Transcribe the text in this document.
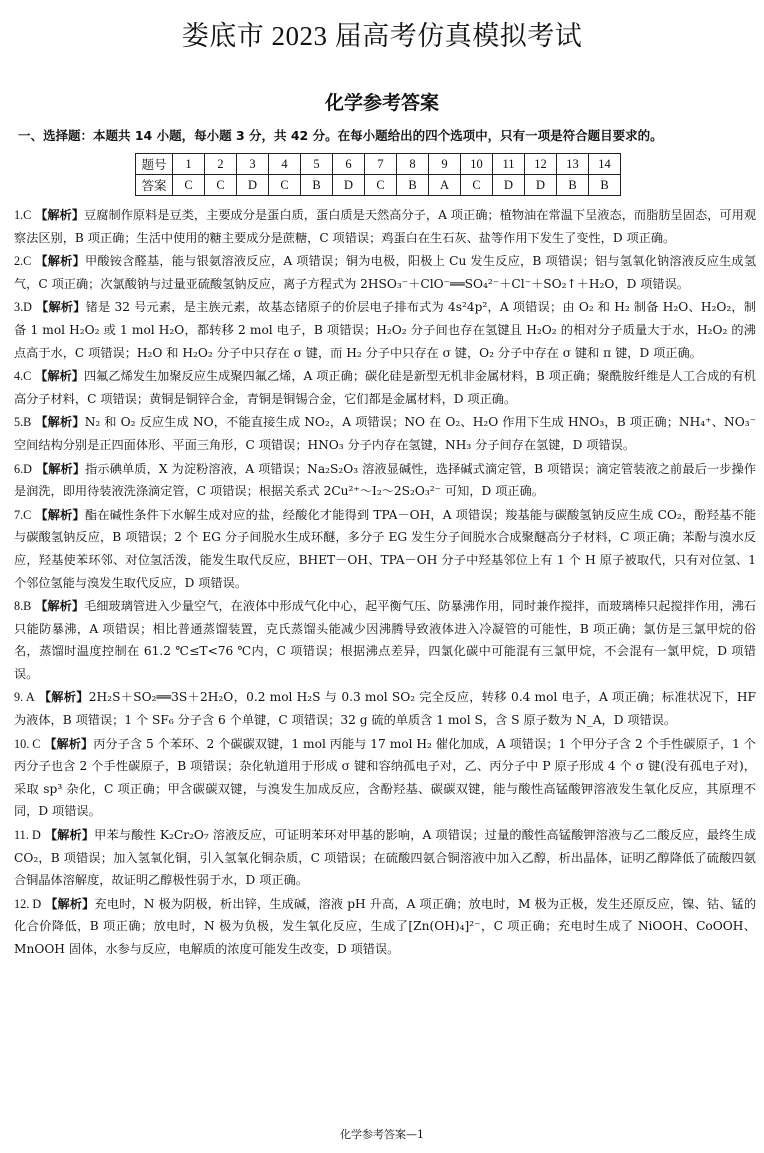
娄底市 2023 届高考仿真模拟考试
化学参考答案
一、选择题：本题共 14 小题，每小题 3 分，共 42 分。在每小题给出的四个选项中，只有一项是符合题目要求的。
题号	1	2	3	4	5	6	7	8	9	10	11	12	13	14
答案	C	C	D	C	B	D	C	B	A	C	D	D	B	B
1.C 【解析】豆腐制作原料是豆类，主要成分是蛋白质，蛋白质是天然高分子，A 项正确；植物油在常温下呈液态，而脂肪呈固态，可用观察法区别，B 项正确；生活中使用的糖主要成分是蔗糖，C 项错误；鸡蛋白在生石灰、盐等作用下发生了变性，D 项正确。
2.C 【解析】甲酸铵含醛基，能与银氨溶液反应，A 项错误；铜为电极，阳极上 Cu 发生反应，B 项错误；铝与氢氧化钠溶液反应生成氢气，C 项正确；次氯酸钠与过量亚硫酸氢钠反应，离子方程式为 2HSO₃⁻＋ClO⁻══SO₄²⁻＋Cl⁻＋SO₂↑＋H₂O，D 项错误。
3.D 【解析】锗是 32 号元素，是主族元素，故基态锗原子的价层电子排布式为 4s²4p²，A 项错误；由 O₂ 和 H₂ 制备 H₂O、H₂O₂，制备 1 mol H₂O₂ 或 1 mol H₂O，都转移 2 mol 电子，B 项错误；H₂O₂ 分子间也存在氢键且 H₂O₂ 的相对分子质量大于水，H₂O₂ 的沸点高于水，C 项错误；H₂O 和 H₂O₂ 分子中只存在 σ 键，而 H₂ 分子中只存在 σ 键，O₂ 分子中存在 σ 键和 π 键，D 项正确。
4.C 【解析】四氟乙烯发生加聚反应生成聚四氟乙烯，A 项正确；碳化硅是新型无机非金属材料，B 项正确；聚酰胺纤维是人工合成的有机高分子材料，C 项错误；黄铜是铜锌合金，青铜是铜锡合金，它们都是金属材料，D 项正确。
5.B 【解析】N₂ 和 O₂ 反应生成 NO，不能直接生成 NO₂，A 项错误；NO 在 O₂、H₂O 作用下生成 HNO₃，B 项正确；NH₄⁺、NO₃⁻ 空间结构分别是正四面体形、平面三角形，C 项错误；HNO₃ 分子内存在氢键，NH₃ 分子间存在氢键，D 项错误。
6.D 【解析】指示碘单质，X 为淀粉溶液，A 项错误；Na₂S₂O₃ 溶液显碱性，选择碱式滴定管，B 项错误；滴定管装液之前最后一步操作是润洗，即用待装液洗涤滴定管，C 项错误；根据关系式 2Cu²⁺～I₂～2S₂O₃²⁻ 可知，D 项正确。
7.C 【解析】酯在碱性条件下水解生成对应的盐，经酸化才能得到 TPA－OH，A 项错误；羧基能与碳酸氢钠反应生成 CO₂，酚羟基不能与碳酸氢钠反应，B 项错误；2 个 EG 分子间脱水生成环醚，多分子 EG 发生分子间脱水合成聚醚高分子材料，C 项正确；苯酚与溴水反应，羟基使苯环邻、对位氢活泼，能发生取代反应，BHET－OH、TPA－OH 分子中羟基邻位上有 1 个 H 原子被取代，只有对位氢、1 个邻位氢能与溴发生取代反应，D 项错误。
8.B 【解析】毛细玻璃管进入少量空气，在液体中形成气化中心，起平衡气压、防暴沸作用，同时兼作搅拌，而玻璃棒只起搅拌作用，沸石只能防暴沸，A 项错误；相比普通蒸馏装置，克氏蒸馏头能减少因沸腾导致液体进入冷凝管的可能性，B 项正确；氯仿是三氯甲烷的俗名，蒸馏时温度控制在 61.2 ℃≤T<76 ℃内，C 项错误；根据沸点差异，四氯化碳中可能混有三氯甲烷，不会混有一氯甲烷，D 项错误。
9. A 【解析】2H₂S＋SO₂══3S＋2H₂O，0.2 mol H₂S 与 0.3 mol SO₂ 完全反应，转移 0.4 mol 电子，A 项正确；标准状况下，HF 为液体，B 项错误；1 个 SF₆ 分子含 6 个单键，C 项错误；32 g 硫的单质含 1 mol S，含 S 原子数为 N_A，D 项错误。
10. C 【解析】丙分子含 5 个苯环、2 个碳碳双键，1 mol 丙能与 17 mol H₂ 催化加成，A 项错误；1 个甲分子含 2 个手性碳原子，1 个丙分子也含 2 个手性碳原子，B 项错误；杂化轨道用于形成 σ 键和容纳孤电子对，乙、丙分子中 P 原子形成 4 个 σ 键(没有孤电子对)，采取 sp³ 杂化，C 项正确；甲含碳碳双键，与溴发生加成反应，含酚羟基、碳碳双键，能与酸性高锰酸钾溶液发生氧化反应，其原理不同，D 项错误。
11. D 【解析】甲苯与酸性 K₂Cr₂O₇ 溶液反应，可证明苯环对甲基的影响，A 项错误；过量的酸性高锰酸钾溶液与乙二酸反应，最终生成 CO₂，B 项错误；加入氢氧化铜，引入氢氧化铜杂质，C 项错误；在硫酸四氨合铜溶液中加入乙醇，析出晶体，证明乙醇降低了硫酸四氨合铜晶体溶解度，故证明乙醇极性弱于水，D 项正确。
12. D 【解析】充电时，N 极为阴极，析出锌，生成碱，溶液 pH 升高，A 项正确；放电时，M 极为正极，发生还原反应，镍、钴、锰的化合价降低，B 项正确；放电时，N 极为负极，发生氧化反应，生成了[Zn(OH)₄]²⁻，C 项正确；充电时生成了 NiOOH、CoOOH、MnOOH 固体，水参与反应，电解质的浓度可能发生改变，D 项错误。
化学参考答案—1
